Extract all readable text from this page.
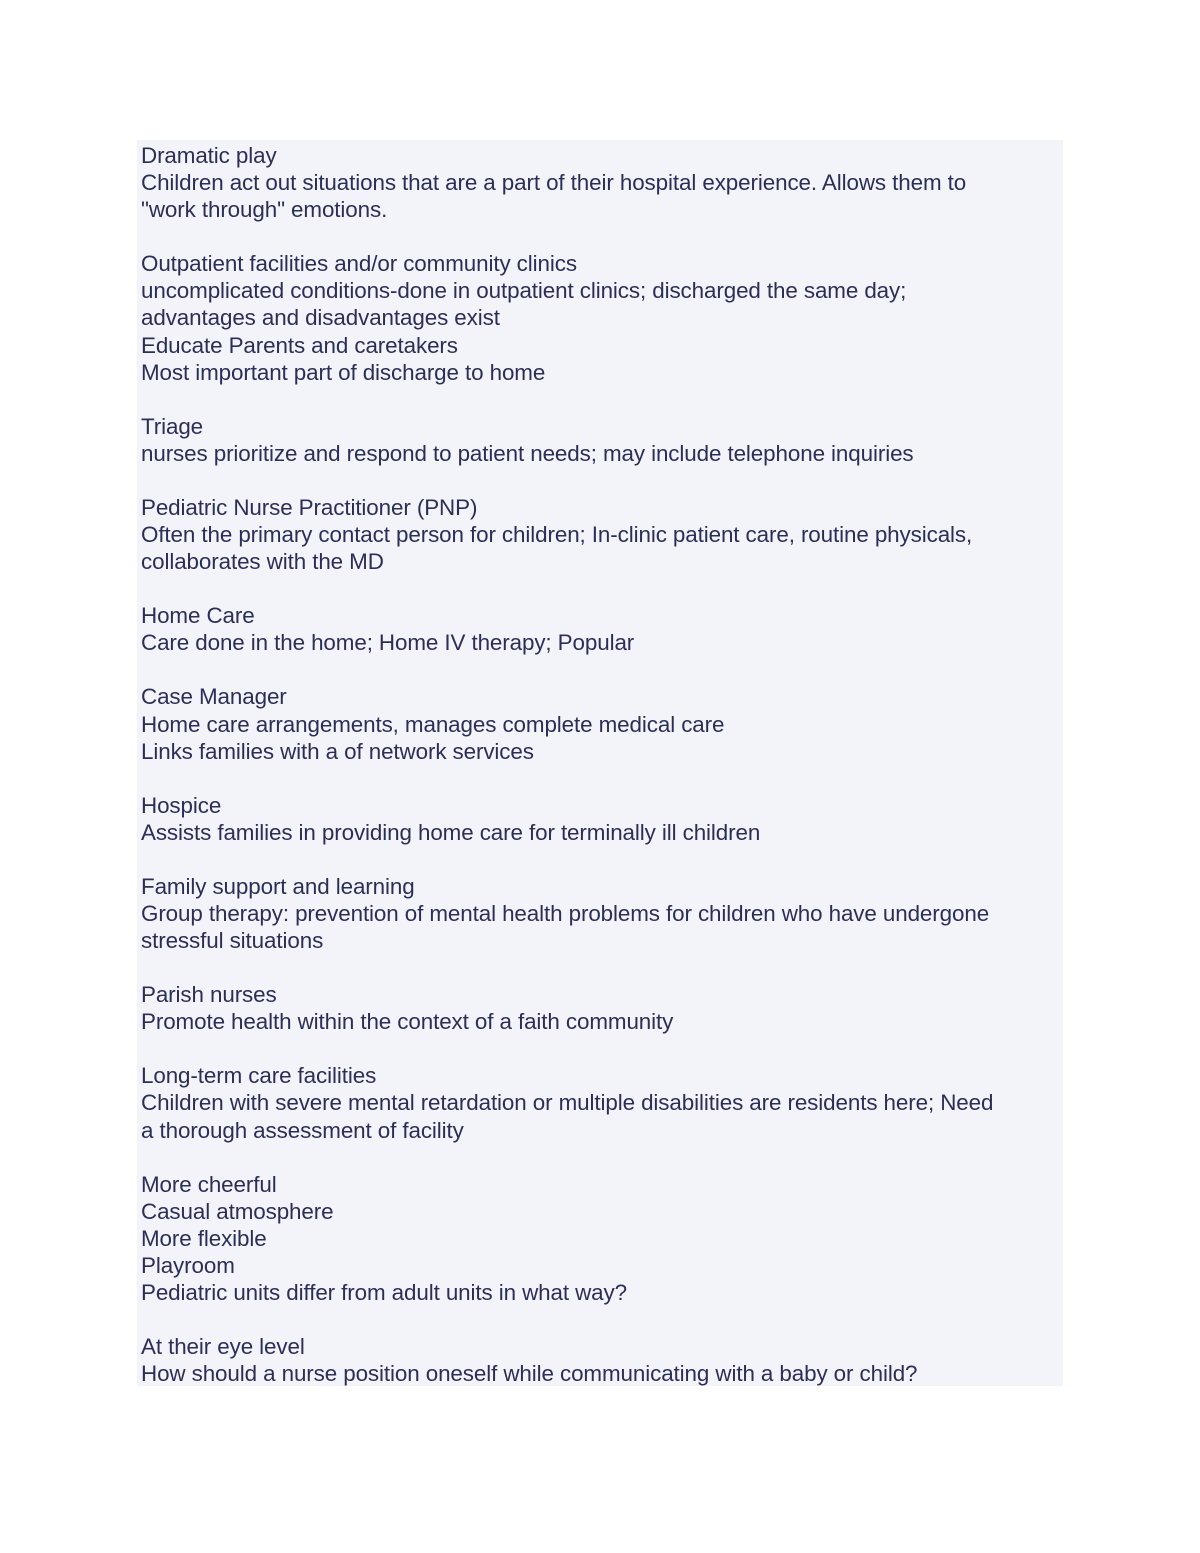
Dramatic play
Children act out situations that are a part of their hospital experience. Allows them to
"work through" emotions.
Outpatient facilities and/or community clinics
uncomplicated conditions-done in outpatient clinics; discharged the same day;
advantages and disadvantages exist
Educate Parents and caretakers
Most important part of discharge to home
Triage
nurses prioritize and respond to patient needs; may include telephone inquiries
Pediatric Nurse Practitioner (PNP)
Often the primary contact person for children; In-clinic patient care, routine physicals,
collaborates with the MD
Home Care
Care done in the home; Home IV therapy; Popular
Case Manager
Home care arrangements, manages complete medical care
Links families with a of network services
Hospice
Assists families in providing home care for terminally ill children
Family support and learning
Group therapy: prevention of mental health problems for children who have undergone
stressful situations
Parish nurses
Promote health within the context of a faith community
Long-term care facilities
Children with severe mental retardation or multiple disabilities are residents here; Need
a thorough assessment of facility
More cheerful
Casual atmosphere
More flexible
Playroom
Pediatric units differ from adult units in what way?
At their eye level
How should a nurse position oneself while communicating with a baby or child?
